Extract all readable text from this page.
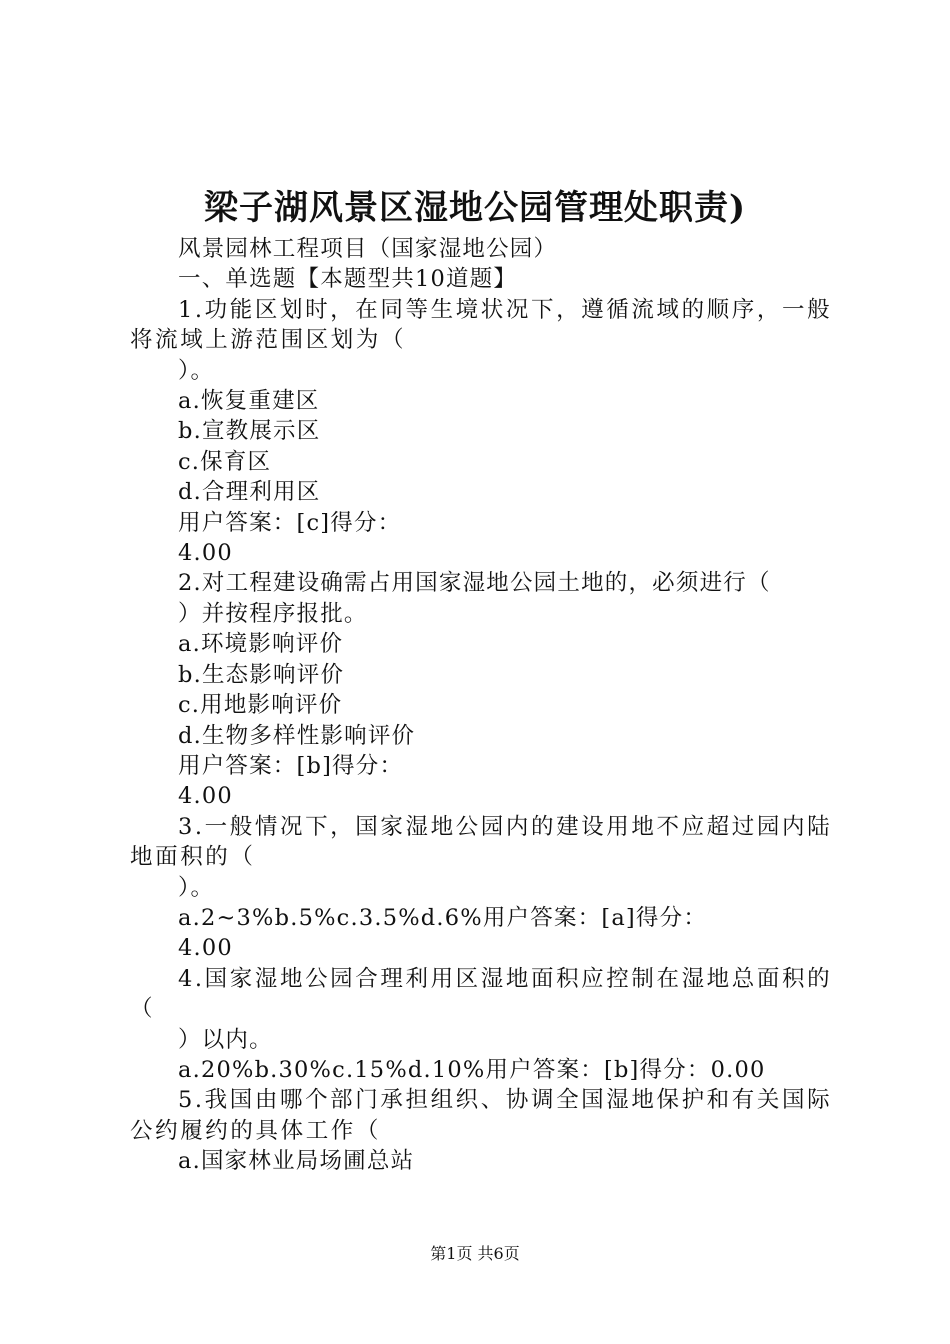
梁子湖风景区湿地公园管理处职责)
风景园林工程项目（国家湿地公园）
一、单选题【本题型共10道题】
1.功能区划时，在同等生境状况下，遵循流域的顺序，一般将流域上游范围区划为（
）。
a.恢复重建区
b.宣教展示区
c.保育区
d.合理利用区
用户答案：[c]得分：
4.00
2.对工程建设确需占用国家湿地公园土地的，必须进行（
）并按程序报批。
a.环境影响评价
b.生态影响评价
c.用地影响评价
d.生物多样性影响评价
用户答案：[b]得分：
4.00
3.一般情况下，国家湿地公园内的建设用地不应超过园内陆地面积的（
）。
a.2~3%b.5%c.3.5%d.6%用户答案：[a]得分：
4.00
4.国家湿地公园合理利用区湿地面积应控制在湿地总面积的（
）以内。
a.20%b.30%c.15%d.10%用户答案：[b]得分：0.00
5.我国由哪个部门承担组织、协调全国湿地保护和有关国际公约履约的具体工作（
a.国家林业局场圃总站
第1页 共6页
